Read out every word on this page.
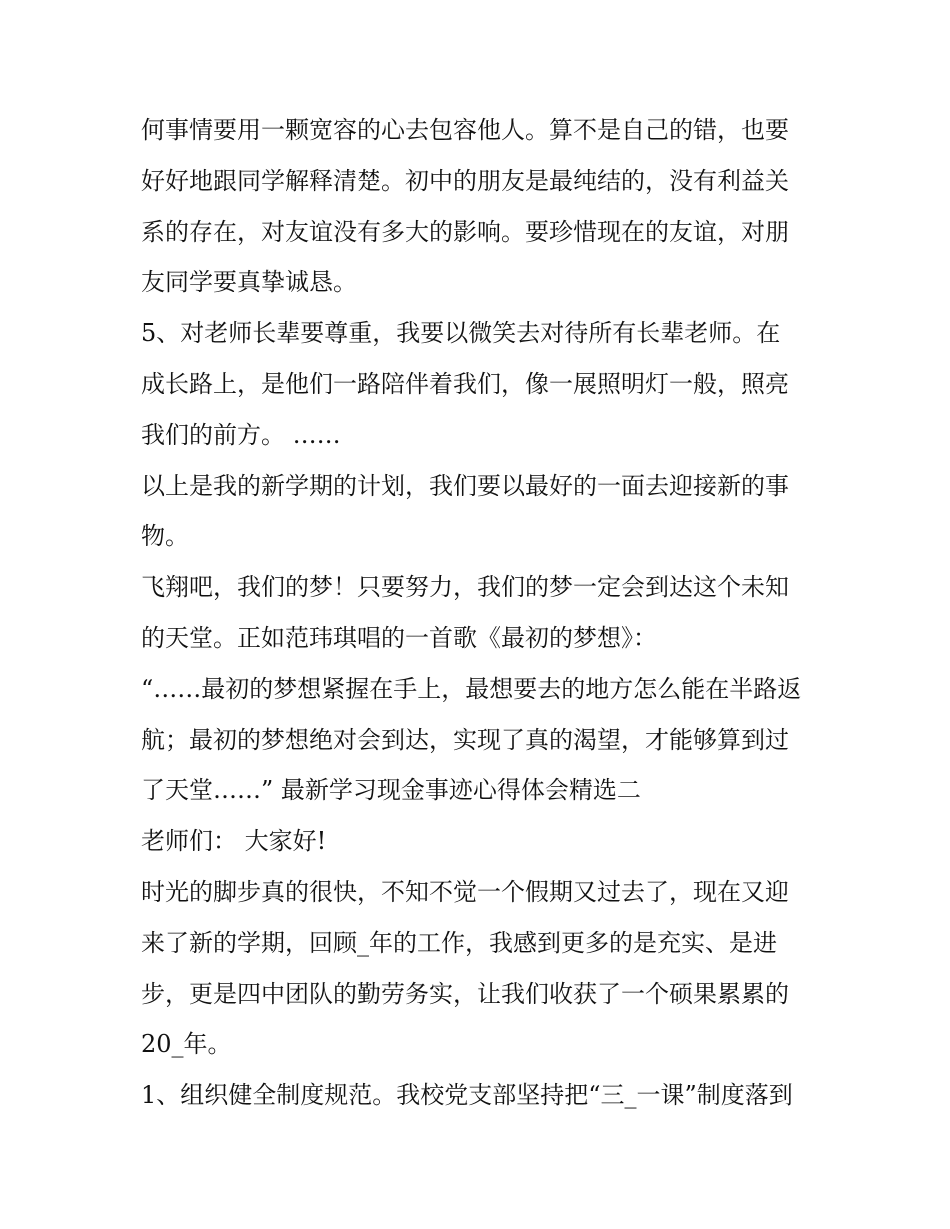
何事情要用一颗宽容的心去包容他人。算不是自己的错，也要
好好地跟同学解释清楚。初中的朋友是最纯结的，没有利益关
系的存在，对友谊没有多大的影响。要珍惜现在的友谊，对朋
友同学要真挚诚恳。
5、对老师长辈要尊重，我要以微笑去对待所有长辈老师。在
成长路上，是他们一路陪伴着我们，像一展照明灯一般，照亮
我们的前方。 ……
以上是我的新学期的计划，我们要以最好的一面去迎接新的事
物。
飞翔吧，我们的梦！只要努力，我们的梦一定会到达这个未知
的天堂。正如范玮琪唱的一首歌《最初的梦想》：
“……最初的梦想紧握在手上，最想要去的地方怎么能在半路返
航；最初的梦想绝对会到达，实现了真的渴望，才能够算到过
了天堂……” 最新学习现金事迹心得体会精选二
老师们： 大家好!
时光的脚步真的很快，不知不觉一个假期又过去了，现在又迎
来了新的学期，回顾_年的工作，我感到更多的是充实、是进
步，更是四中团队的勤劳务实，让我们收获了一个硕果累累的
20_年。
1、组织健全制度规范。我校党支部坚持把“三_一课”制度落到
